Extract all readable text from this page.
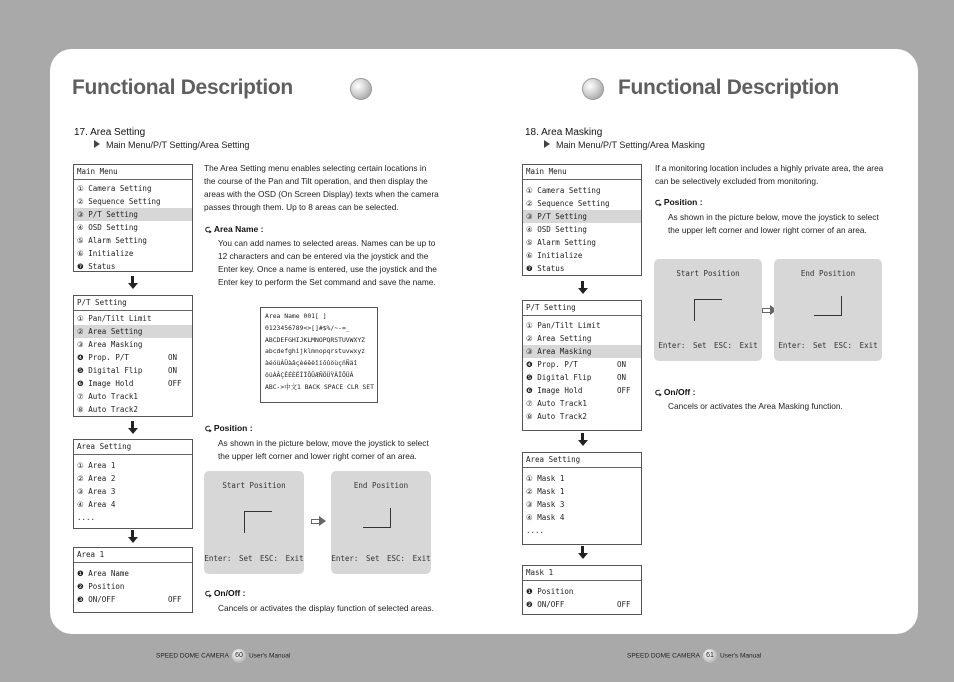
Functional Description
17. Area Setting
Main Menu/P/T Setting/Area Setting
Main Menu
① Camera Setting
② Sequence Setting
③ P/T Setting
④ OSD Setting
⑤ Alarm Setting
⑥ Initialize
❼ Status
P/T Setting
① Pan/Tilt Limit
② Area Setting
③ Area Masking
❹ Prop. P/T	ON
❺ Digital Flip	ON
❻ Image Hold	OFF
⑦ Auto Track1
⑧ Auto Track2
Area Setting
① Area 1
② Area 2
③ Area 3
④ Area 4
....
Area 1
❶ Area Name
❷ Position
❸ ON/OFF	OFF
The Area Setting menu enables selecting certain locations in
the course of the Pan and Tilt operation, and then display the
areas with the OSD (On Screen Display) texts when the camera
passes through them. Up to 8 areas can be selected.
⮎ Area Name :
You can add names to selected areas. Names can be up to
12 characters and can be entered via the joystick and the
Enter key. Once a name is entered, use the joystick and the
Enter key to perform the Set command and save the name.
Area Name 001[ ]
0123456789<>[]#$%/~-=_
ABCDEFGHIJKLMNOPQRSTUVWXYZ
abcdefghijklmnopqrstuvwxyz
àéóüÀÜàâçèéêëîïôûöùçñÑäî
öüÀÂÇÊÉÈËÎÏÔÛÆÑÖÜŸÄÎÖÜÂ
ABC->中文1 BACK SPACE CLR SET
⮎ Position :
As shown in the picture below, move the joystick to select
the upper left corner and lower right corner of an area.
Start Position
Enter: Set ESC: Exit
End Position
Enter: Set ESC: Exit
⮎ On/Off :
Cancels or activates the display function of selected areas.
SPEED DOME CAMERA 60 User's Manual
Functional Description
18. Area Masking
Main Menu/P/T Setting/Area Masking
Main Menu
① Camera Setting
② Sequence Setting
③ P/T Setting
④ OSD Setting
⑤ Alarm Setting
⑥ Initialize
❼ Status
P/T Setting
① Pan/Tilt Limit
② Area Setting
③ Area Masking
❹ Prop. P/T	ON
❺ Digital Flip	ON
❻ Image Hold	OFF
⑦ Auto Track1
⑧ Auto Track2
Area Setting
① Mask 1
② Mask 1
③ Mask 3
④ Mask 4
....
Mask 1
❶ Position
❷ ON/OFF	OFF
If a monitoring location includes a highly private area, the area
can be selectively excluded from monitoring.
⮎ Position :
As shown in the picture below, move the joystick to select
the upper left corner and lower right corner of an area.
Start Position
Enter: Set ESC: Exit
End Position
Enter: Set ESC: Exit
⮎ On/Off :
Cancels or activates the Area Masking function.
SPEED DOME CAMERA 61 User's Manual
